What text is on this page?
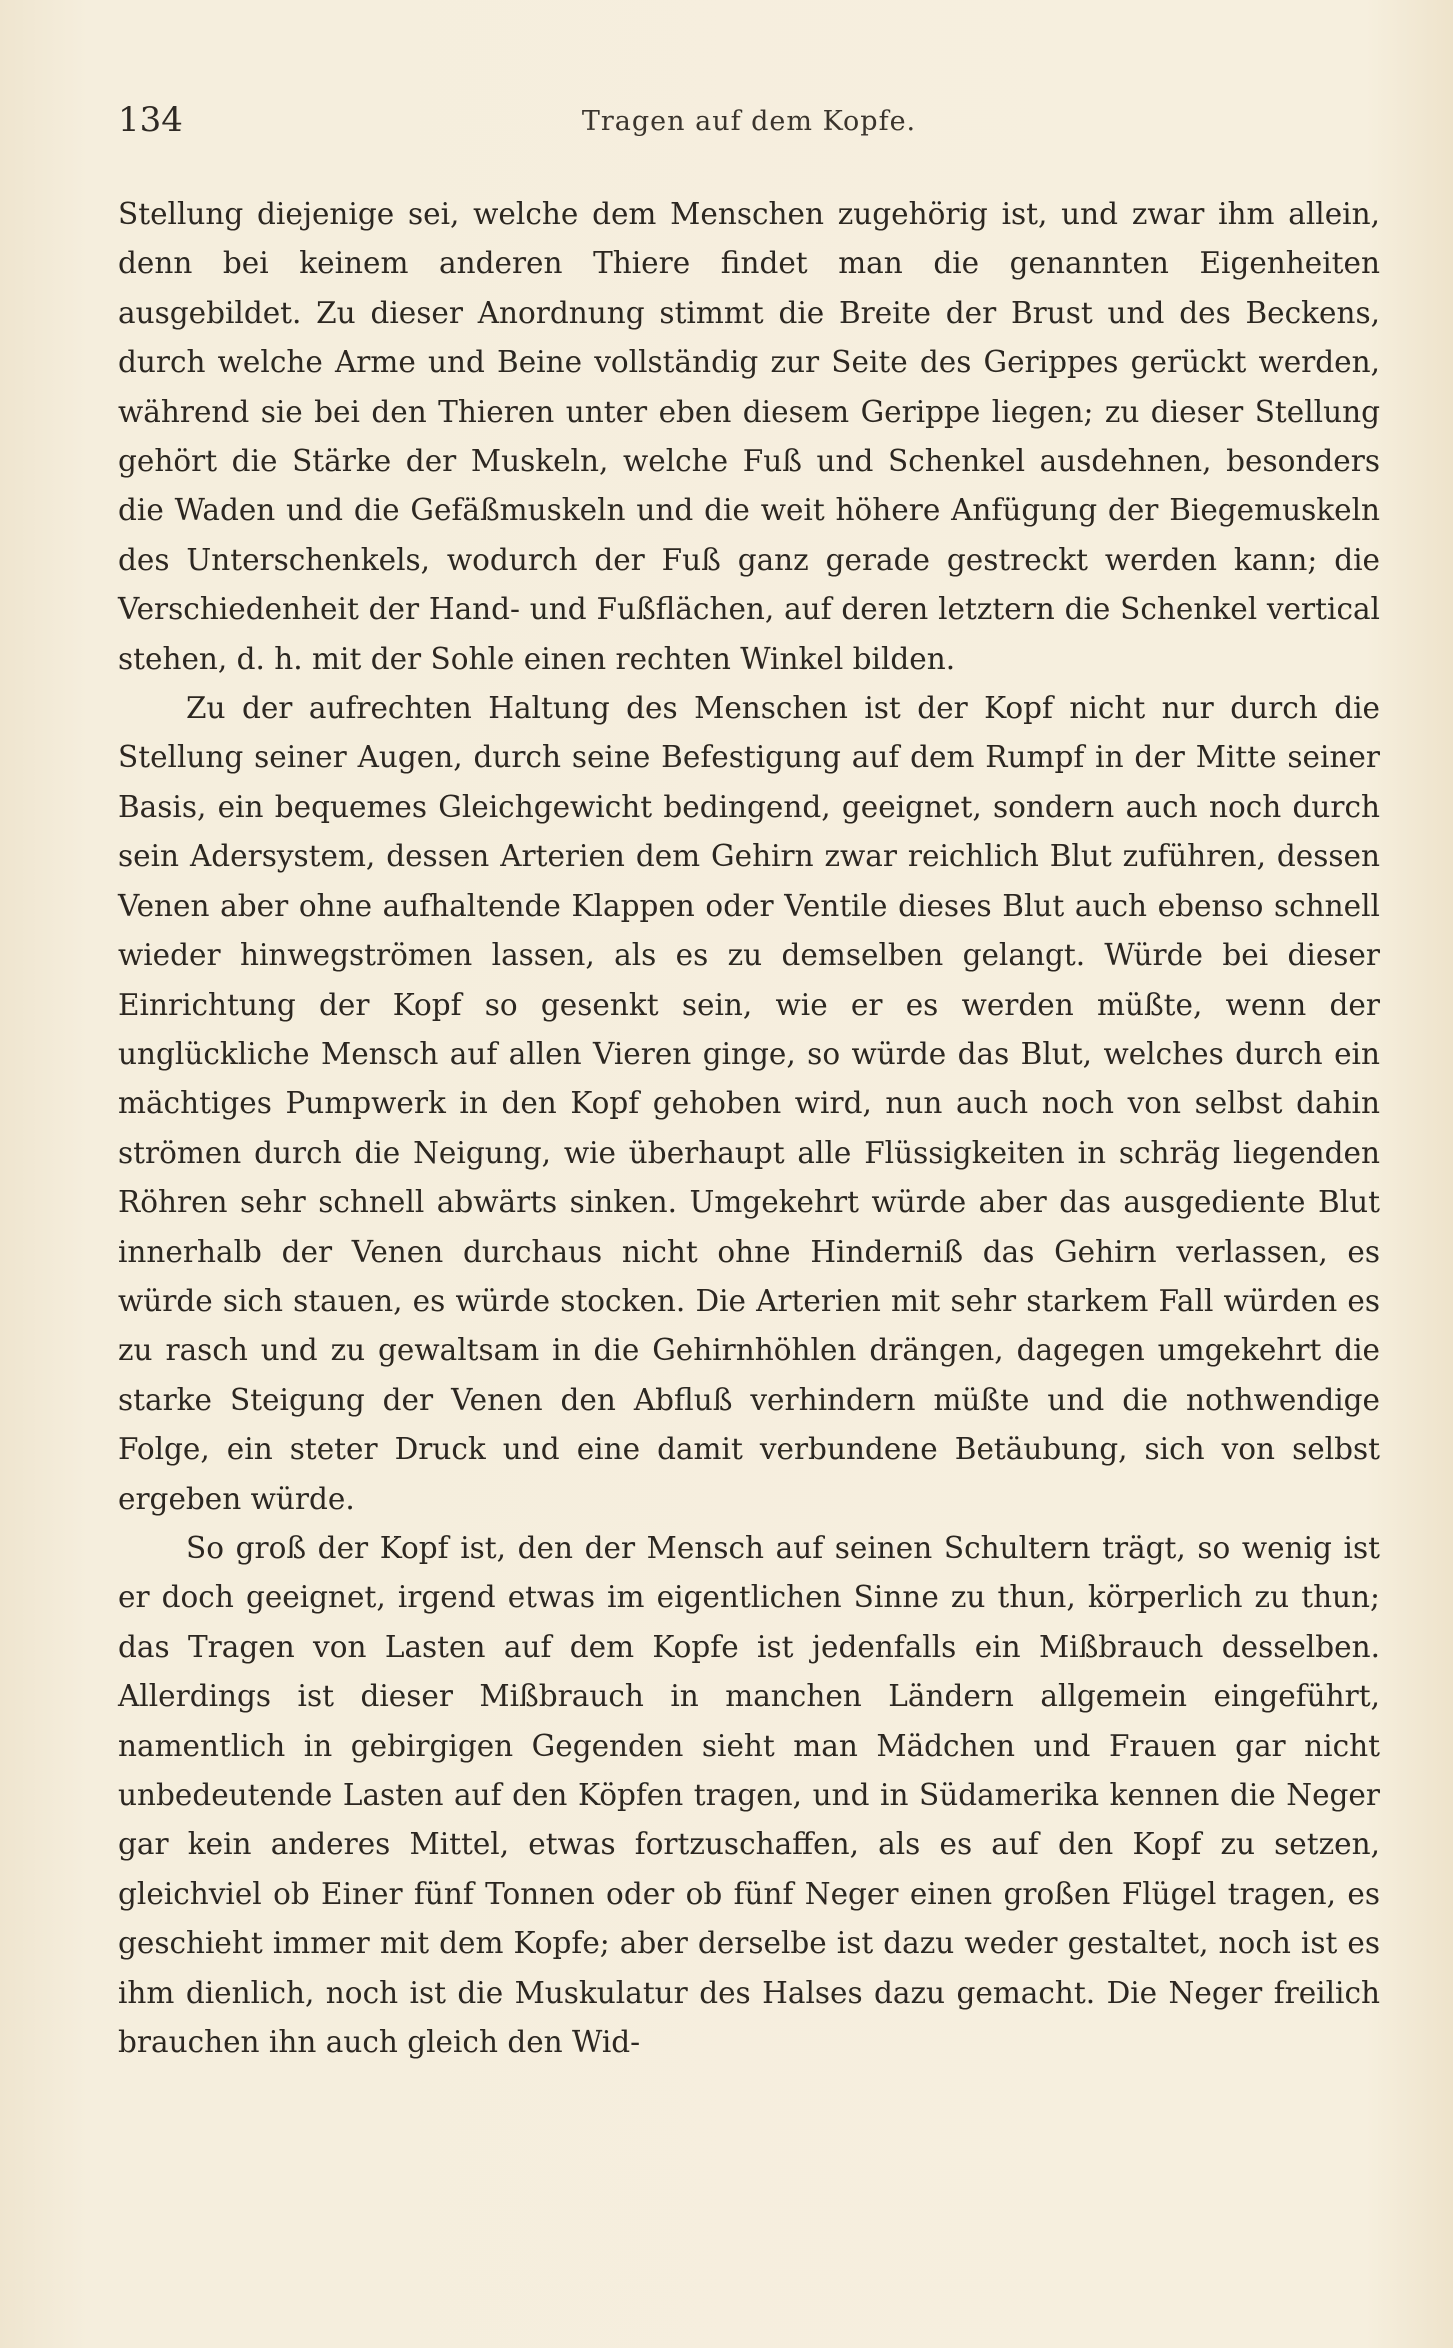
134	Tragen auf dem Kopfe.

Stellung diejenige sei, welche dem Menschen zugehörig ist, und zwar ihm allein, denn bei keinem anderen Thiere findet man die genannten Eigenheiten ausgebildet. Zu dieser Anordnung stimmt die Breite der Brust und des Beckens, durch welche Arme und Beine vollständig zur Seite des Gerippes gerückt werden, während sie bei den Thieren unter eben diesem Gerippe liegen; zu dieser Stellung gehört die Stärke der Muskeln, welche Fuß und Schenkel ausdehnen, besonders die Waden und die Gefäßmuskeln und die weit höhere Anfügung der Biegemuskeln des Unterschenkels, wodurch der Fuß ganz gerade gestreckt werden kann; die Verschiedenheit der Hand- und Fußflächen, auf deren letztern die Schenkel vertical stehen, d. h. mit der Sohle einen rechten Winkel bilden.

Zu der aufrechten Haltung des Menschen ist der Kopf nicht nur durch die Stellung seiner Augen, durch seine Befestigung auf dem Rumpf in der Mitte seiner Basis, ein bequemes Gleichgewicht bedingend, geeignet, sondern auch noch durch sein Adersystem, dessen Arterien dem Gehirn zwar reichlich Blut zuführen, dessen Venen aber ohne aufhaltende Klappen oder Ventile dieses Blut auch ebenso schnell wieder hinwegströmen lassen, als es zu demselben gelangt. Würde bei dieser Einrichtung der Kopf so gesenkt sein, wie er es werden müßte, wenn der unglückliche Mensch auf allen Vieren ginge, so würde das Blut, welches durch ein mächtiges Pumpwerk in den Kopf gehoben wird, nun auch noch von selbst dahin strömen durch die Neigung, wie überhaupt alle Flüssigkeiten in schräg liegenden Röhren sehr schnell abwärts sinken. Umgekehrt würde aber das ausgediente Blut innerhalb der Venen durchaus nicht ohne Hinderniß das Gehirn verlassen, es würde sich stauen, es würde stocken. Die Arterien mit sehr starkem Fall würden es zu rasch und zu gewaltsam in die Gehirnhöhlen drängen, dagegen umgekehrt die starke Steigung der Venen den Abfluß verhindern müßte und die nothwendige Folge, ein steter Druck und eine damit verbundene Betäubung, sich von selbst ergeben würde.

So groß der Kopf ist, den der Mensch auf seinen Schultern trägt, so wenig ist er doch geeignet, irgend etwas im eigentlichen Sinne zu thun, körperlich zu thun; das Tragen von Lasten auf dem Kopfe ist jedenfalls ein Mißbrauch desselben. Allerdings ist dieser Mißbrauch in manchen Ländern allgemein eingeführt, namentlich in gebirgigen Gegenden sieht man Mädchen und Frauen gar nicht unbedeutende Lasten auf den Köpfen tragen, und in Südamerika kennen die Neger gar kein anderes Mittel, etwas fortzuschaffen, als es auf den Kopf zu setzen, gleichviel ob Einer fünf Tonnen oder ob fünf Neger einen großen Flügel tragen, es geschieht immer mit dem Kopfe; aber derselbe ist dazu weder gestaltet, noch ist es ihm dienlich, noch ist die Muskulatur des Halses dazu gemacht. Die Neger freilich brauchen ihn auch gleich den Wid-
